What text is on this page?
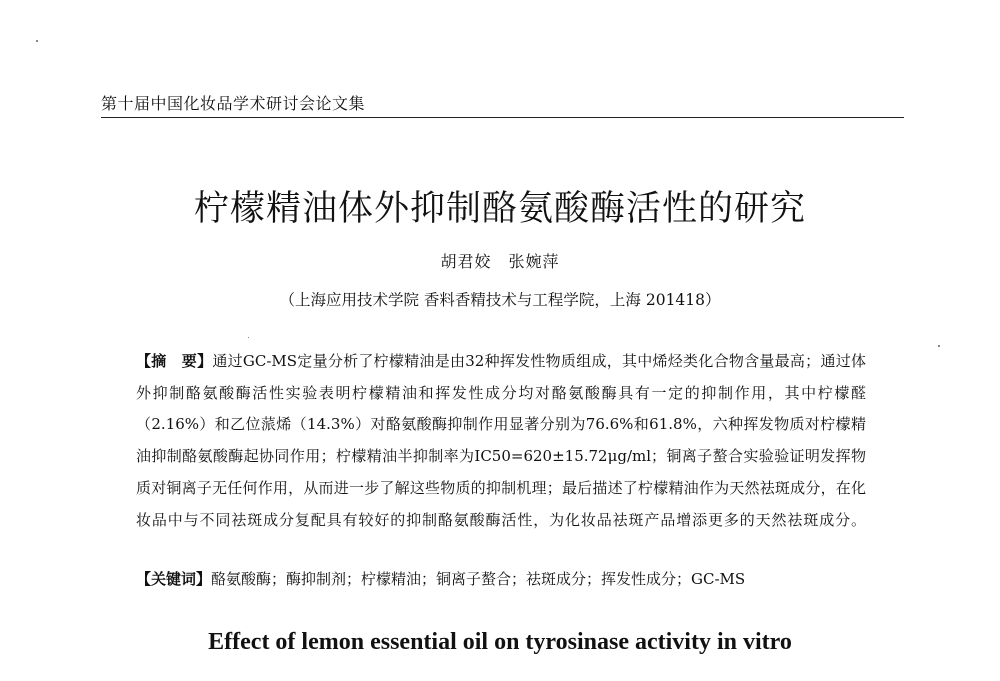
第十届中国化妆品学术研讨会论文集
柠檬精油体外抑制酪氨酸酶活性的研究
胡君姣　张婉萍
（上海应用技术学院 香料香精技术与工程学院，上海 201418）
【摘　要】通过GC-MS定量分析了柠檬精油是由32种挥发性物质组成，其中烯烃类化合物含量最高；通过体外抑制酪氨酸酶活性实验表明柠檬精油和挥发性成分均对酪氨酸酶具有一定的抑制作用，其中柠檬醛（2.16%）和乙位蒎烯（14.3%）对酪氨酸酶抑制作用显著分别为76.6%和61.8%，六种挥发物质对柠檬精油抑制酪氨酸酶起协同作用；柠檬精油半抑制率为IC50=620±15.72μg/ml；铜离子螯合实验验证明发挥物质对铜离子无任何作用，从而进一步了解这些物质的抑制机理；最后描述了柠檬精油作为天然祛斑成分，在化妆品中与不同祛斑成分复配具有较好的抑制酪氨酸酶活性，为化妆品祛斑产品增添更多的天然祛斑成分。
【关键词】酪氨酸酶；酶抑制剂；柠檬精油；铜离子螯合；祛斑成分；挥发性成分；GC-MS
Effect of lemon essential oil on tyrosinase activity in vitro
